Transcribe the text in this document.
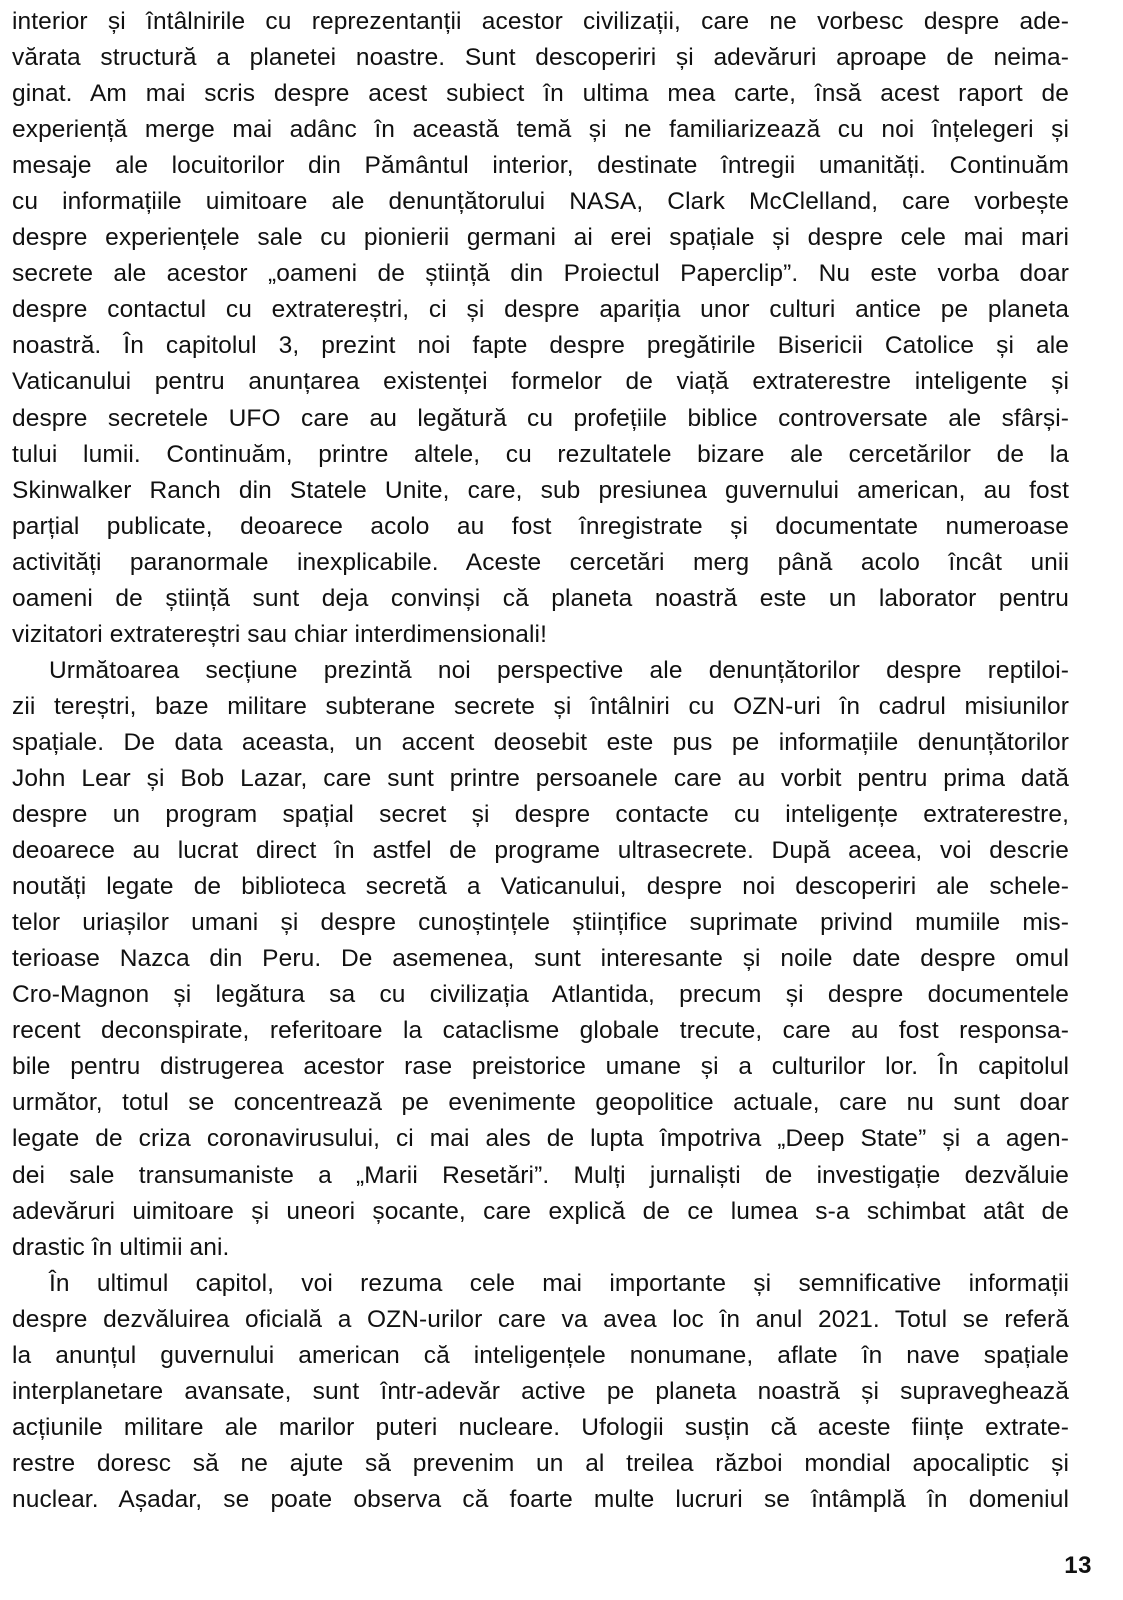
interior și întâlnirile cu reprezentanții acestor civilizații, care ne vorbesc despre ade-
vărata structură a planetei noastre. Sunt descoperiri și adevăruri aproape de neima-
ginat. Am mai scris despre acest subiect în ultima mea carte, însă acest raport de
experiență merge mai adânc în această temă și ne familiarizează cu noi înțelegeri și
mesaje ale locuitorilor din Pământul interior, destinate întregii umanități. Continuăm
cu informațiile uimitoare ale denunțătorului NASA, Clark McClelland, care vorbește
despre experiențele sale cu pionierii germani ai erei spațiale și despre cele mai mari
secrete ale acestor „oameni de știință din Proiectul Paperclip”. Nu este vorba doar
despre contactul cu extratereștri, ci și despre apariția unor culturi antice pe planeta
noastră. În capitolul 3, prezint noi fapte despre pregătirile Bisericii Catolice și ale
Vaticanului pentru anunțarea existenței formelor de viață extraterestre inteligente și
despre secretele UFO care au legătură cu profețiile biblice controversate ale sfârși-
tului lumii. Continuăm, printre altele, cu rezultatele bizare ale cercetărilor de la
Skinwalker Ranch din Statele Unite, care, sub presiunea guvernului american, au fost
parțial publicate, deoarece acolo au fost înregistrate și documentate numeroase
activități paranormale inexplicabile. Aceste cercetări merg până acolo încât unii
oameni de știință sunt deja convinși că planeta noastră este un laborator pentru
vizitatori extratereștri sau chiar interdimensionali!
Următoarea secțiune prezintă noi perspective ale denunțătorilor despre reptiloi-
zii tereștri, baze militare subterane secrete și întâlniri cu OZN-uri în cadrul misiunilor
spațiale. De data aceasta, un accent deosebit este pus pe informațiile denunțătorilor
John Lear și Bob Lazar, care sunt printre persoanele care au vorbit pentru prima dată
despre un program spațial secret și despre contacte cu inteligențe extraterestre,
deoarece au lucrat direct în astfel de programe ultrasecrete. După aceea, voi descrie
noutăți legate de biblioteca secretă a Vaticanului, despre noi descoperiri ale schele-
telor uriașilor umani și despre cunoștințele științifice suprimate privind mumiile mis-
terioase Nazca din Peru. De asemenea, sunt interesante și noile date despre omul
Cro-Magnon și legătura sa cu civilizația Atlantida, precum și despre documentele
recent deconspirate, referitoare la cataclisme globale trecute, care au fost responsa-
bile pentru distrugerea acestor rase preistorice umane și a culturilor lor. În capitolul
următor, totul se concentrează pe evenimente geopolitice actuale, care nu sunt doar
legate de criza coronavirusului, ci mai ales de lupta împotriva „Deep State” și a agen-
dei sale transumaniste a „Marii Resetări”. Mulți jurnaliști de investigație dezvăluie
adevăruri uimitoare și uneori șocante, care explică de ce lumea s-a schimbat atât de
drastic în ultimii ani.
În ultimul capitol, voi rezuma cele mai importante și semnificative informații
despre dezvăluirea oficială a OZN-urilor care va avea loc în anul 2021. Totul se referă
la anunțul guvernului american că inteligențele nonumane, aflate în nave spațiale
interplanetare avansate, sunt într-adevăr active pe planeta noastră și supraveghează
acțiunile militare ale marilor puteri nucleare. Ufologii susțin că aceste ființe extrate-
restre doresc să ne ajute să prevenim un al treilea război mondial apocaliptic și
nuclear. Așadar, se poate observa că foarte multe lucruri se întâmplă în domeniul
13
